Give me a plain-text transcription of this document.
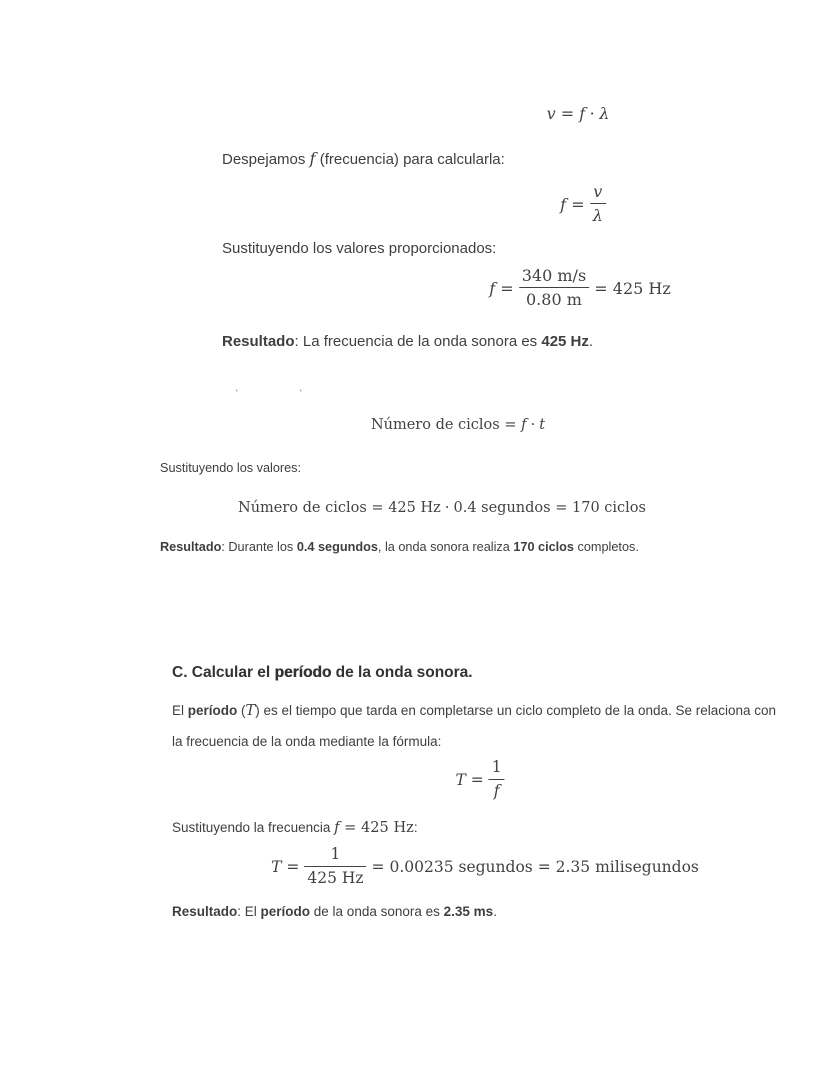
v = f · λ
Despejamos f (frecuencia) para calcularla:
$f = \frac{v}{\lambda}$
Sustituyendo los valores proporcionados:
$f = \frac{340 m/s}{0.80 m} = 425$ Hz
Resultado: La frecuencia de la onda sonora es 425 Hz.
'	'
Número de ciclos = f · t
Sustituyendo los valores:
Número de ciclos = 425 Hz · 0.4 segundos = 170 ciclos
Resultado: Durante los 0.4 segundos, la onda sonora realiza 170 ciclos completos.
C. Calcular el período de la onda sonora.
El período (T) es el tiempo que tarda en completarse un ciclo completo de la onda. Se relaciona con
la frecuencia de la onda mediante la fórmula:
$T = \frac{1}{f}$
Sustituyendo la frecuencia f = 425 Hz:
$T = \frac{1}{425 Hz} = 0.00235$ segundos = 2.35 milisegundos
Resultado: El período de la onda sonora es 2.35 ms.
